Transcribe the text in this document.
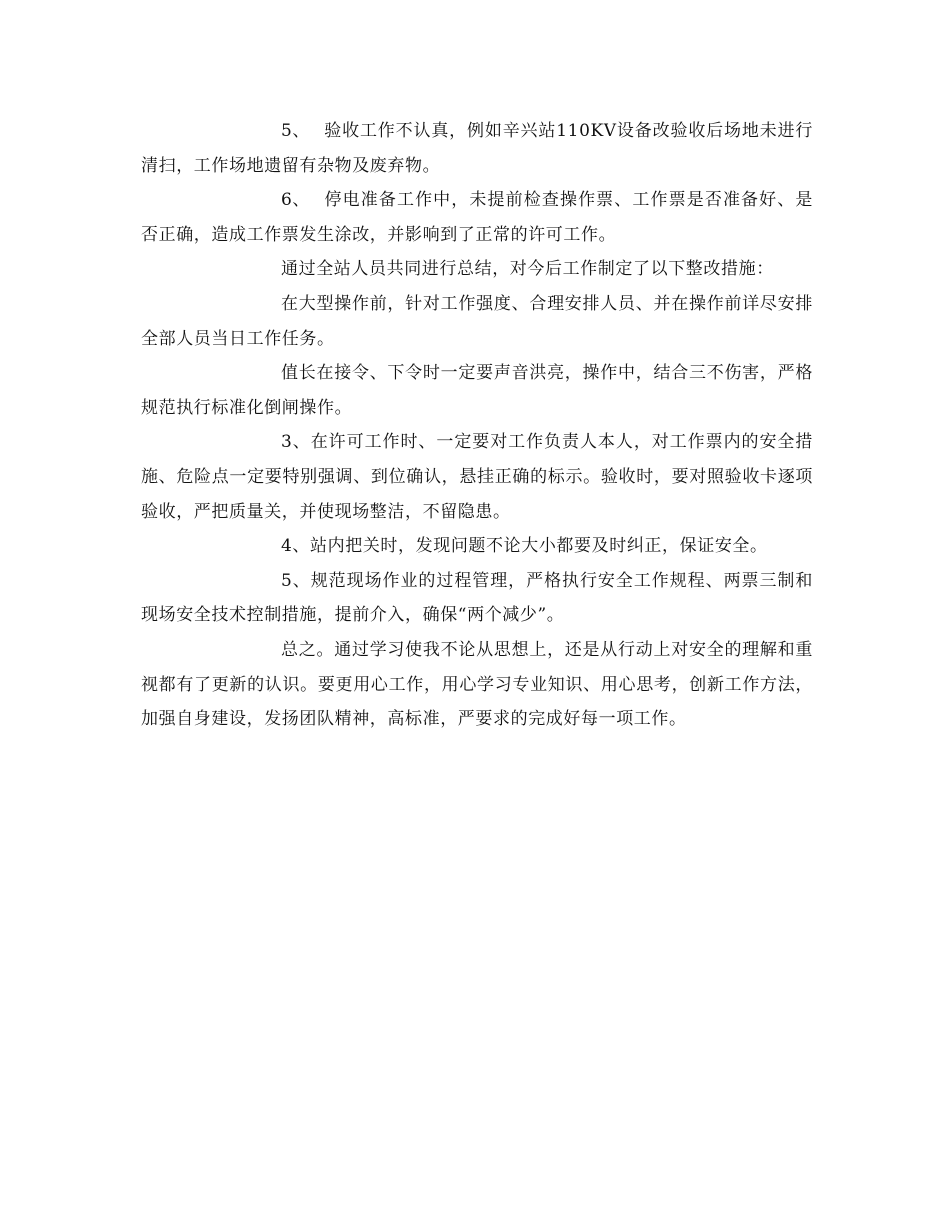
5、 验收工作不认真，例如辛兴站110KV设备改验收后场地未进行清扫，工作场地遗留有杂物及废弃物。

6、 停电准备工作中，未提前检查操作票、工作票是否准备好、是否正确，造成工作票发生涂改，并影响到了正常的许可工作。

通过全站人员共同进行总结，对今后工作制定了以下整改措施：

在大型操作前，针对工作强度、合理安排人员、并在操作前详尽安排全部人员当日工作任务。

值长在接令、下令时一定要声音洪亮，操作中，结合三不伤害，严格规范执行标准化倒闸操作。

3、在许可工作时、一定要对工作负责人本人，对工作票内的安全措施、危险点一定要特别强调、到位确认，悬挂正确的标示。验收时，要对照验收卡逐项验收，严把质量关，并使现场整洁，不留隐患。

4、站内把关时，发现问题不论大小都要及时纠正，保证安全。

5、规范现场作业的过程管理，严格执行安全工作规程、两票三制和现场安全技术控制措施，提前介入，确保“两个减少”。

总之。通过学习使我不论从思想上，还是从行动上对安全的理解和重视都有了更新的认识。要更用心工作，用心学习专业知识、用心思考，创新工作方法，加强自身建设，发扬团队精神，高标准，严要求的完成好每一项工作。
